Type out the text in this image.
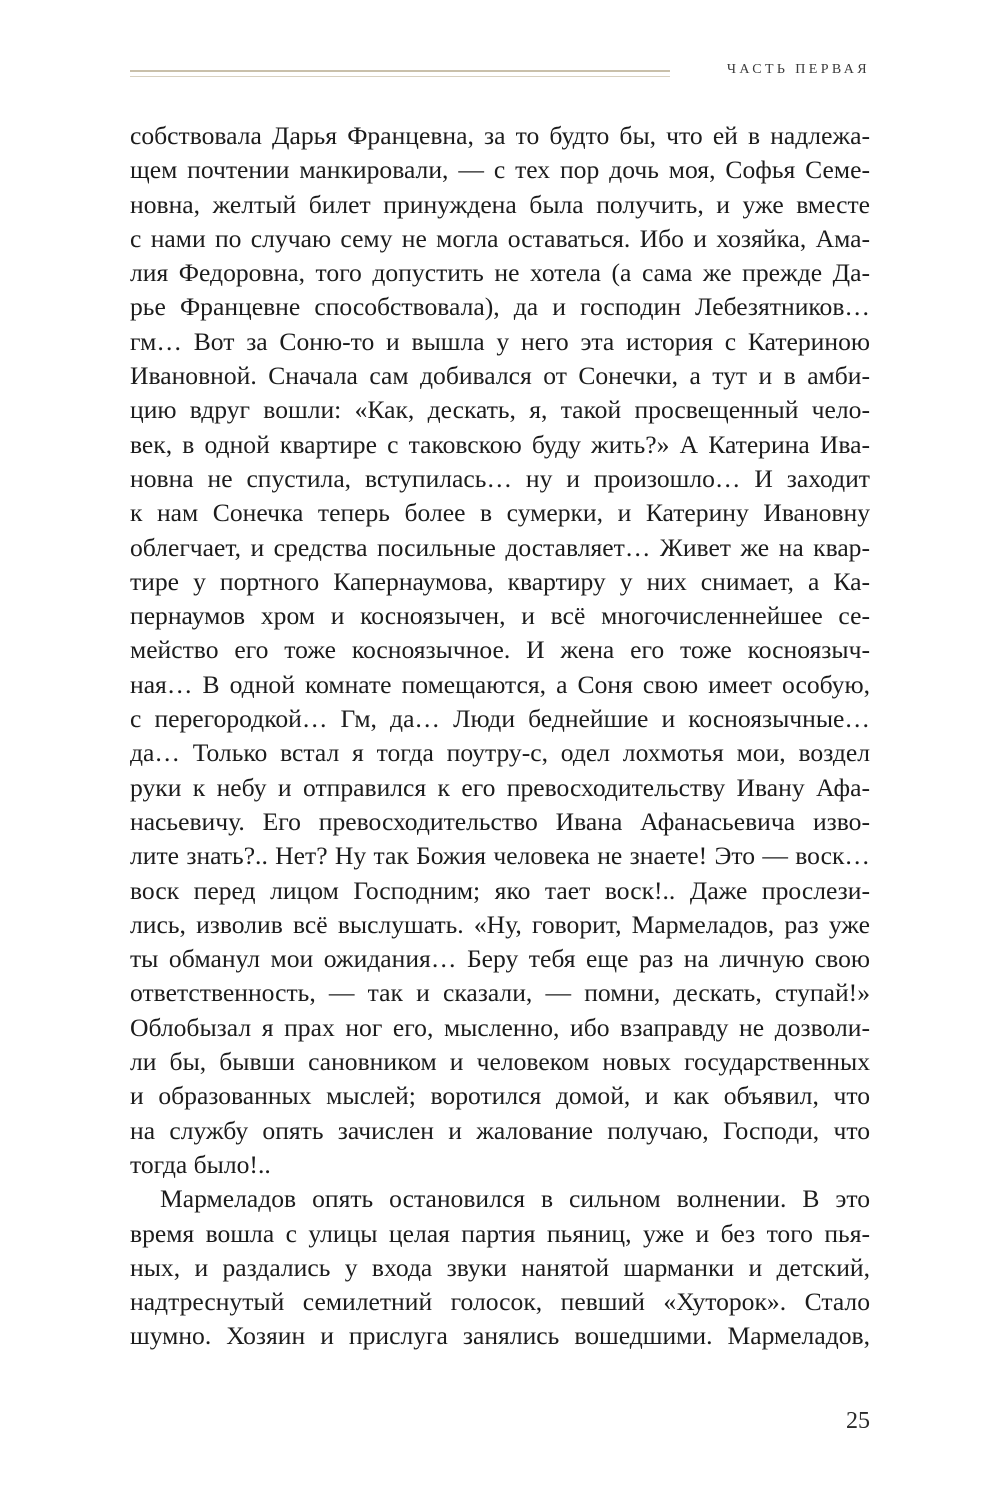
ЧАСТЬ ПЕРВАЯ
собствовала Дарья Францевна, за то будто бы, что ей в надлежа-
щем почтении манкировали, — с тех пор дочь моя, Софья Семе-
новна, желтый билет принуждена была получить, и уже вместе
с нами по случаю сему не могла оставаться. Ибо и хозяйка, Ама-
лия Федоровна, того допустить не хотела (а сама же прежде Да-
рье Францевне способствовала), да и господин Лебезятников…
гм… Вот за Соню-то и вышла у него эта история с Катериною
Ивановной. Сначала сам добивался от Сонечки, а тут и в амби-
цию вдруг вошли: «Как, дескать, я, такой просвещенный чело-
век, в одной квартире с таковскою буду жить?» А Катерина Ива-
новна не спустила, вступилась… ну и произошло… И заходит
к нам Сонечка теперь более в сумерки, и Катерину Ивановну
облегчает, и средства посильные доставляет… Живет же на квар-
тире у портного Капернаумова, квартиру у них снимает, а Ка-
пернаумов хром и косноязычен, и всё многочисленнейшее се-
мейство его тоже косноязычное. И жена его тоже косноязыч-
ная… В одной комнате помещаются, а Соня свою имеет особую,
с перегородкой… Гм, да… Люди беднейшие и косноязычные…
да… Только встал я тогда поутру-с, одел лохмотья мои, воздел
руки к небу и отправился к его превосходительству Ивану Афа-
насьевичу. Его превосходительство Ивана Афанасьевича изво-
лите знать?.. Нет? Ну так Божия человека не знаете! Это — воск…
воск перед лицом Господним; яко тает воск!.. Даже прослези-
лись, изволив всё выслушать. «Ну, говорит, Мармеладов, раз уже
ты обманул мои ожидания… Беру тебя еще раз на личную свою
ответственность, — так и сказали, — помни, дескать, ступай!»
Облобызал я прах ног его, мысленно, ибо взаправду не дозволи-
ли бы, бывши сановником и человеком новых государственных
и образованных мыслей; воротился домой, и как объявил, что
на службу опять зачислен и жалование получаю, Господи, что
тогда было!..
Мармеладов опять остановился в сильном волнении. В это
время вошла с улицы целая партия пьяниц, уже и без того пья-
ных, и раздались у входа звуки нанятой шарманки и детский,
надтреснутый семилетний голосок, певший «Хуторок». Стало
шумно. Хозяин и прислуга занялись вошедшими. Мармеладов,
25
